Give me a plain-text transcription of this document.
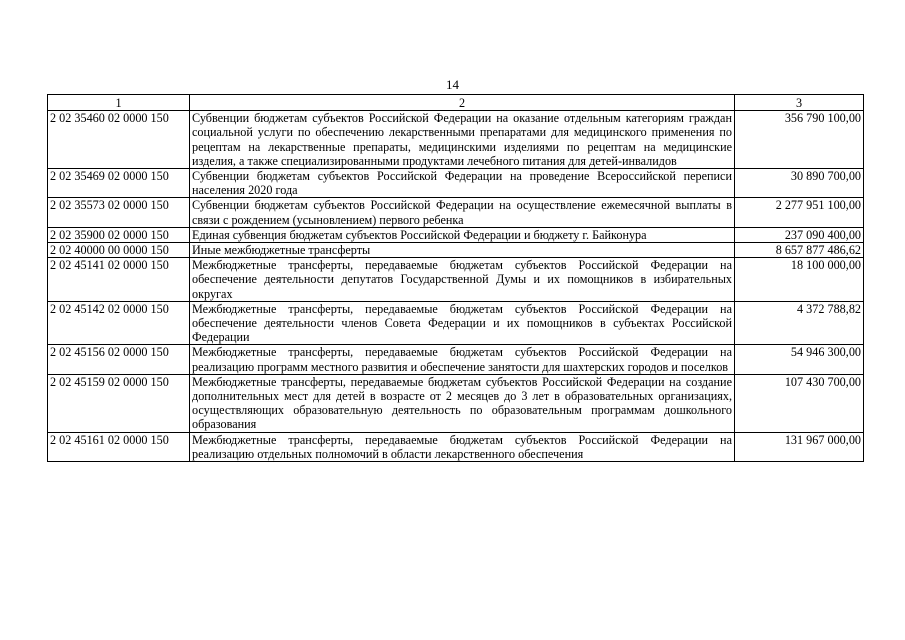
14
1	2	3
2 02 35460 02 0000 150	Субвенции бюджетам субъектов Российской Федерации на оказание отдельным категориям граждан социальной услуги по обеспечению лекарственными препаратами для медицинского применения по рецептам на лекарственные препараты, медицинскими изделиями по рецептам на медицинские изделия, а также специализированными продуктами лечебного питания для детей-инвалидов	356 790 100,00
2 02 35469 02 0000 150	Субвенции бюджетам субъектов Российской Федерации на проведение Всероссийской переписи населения 2020 года	30 890 700,00
2 02 35573 02 0000 150	Субвенции бюджетам субъектов Российской Федерации на осуществление ежемесячной выплаты в связи с рождением (усыновлением) первого ребенка	2 277 951 100,00
2 02 35900 02 0000 150	Единая субвенция бюджетам субъектов Российской Федерации и бюджету г. Байконура	237 090 400,00
2 02 40000 00 0000 150	Иные межбюджетные трансферты	8 657 877 486,62
2 02 45141 02 0000 150	Межбюджетные трансферты, передаваемые бюджетам субъектов Российской Федерации на обеспечение деятельности депутатов Государственной Думы и их помощников в избирательных округах	18 100 000,00
2 02 45142 02 0000 150	Межбюджетные трансферты, передаваемые бюджетам субъектов Российской Федерации на обеспечение деятельности членов Совета Федерации и их помощников в субъектах Российской Федерации	4 372 788,82
2 02 45156 02 0000 150	Межбюджетные трансферты, передаваемые бюджетам субъектов Российской Федерации на реализацию программ местного развития и обеспечение занятости для шахтерских городов и поселков	54 946 300,00
2 02 45159 02 0000 150	Межбюджетные трансферты, передаваемые бюджетам субъектов Российской Федерации на создание дополнительных мест для детей в возрасте от 2 месяцев до 3 лет в образовательных организациях, осуществляющих образовательную деятельность по образовательным программам дошкольного образования	107 430 700,00
2 02 45161 02 0000 150	Межбюджетные трансферты, передаваемые бюджетам субъектов Российской Федерации на реализацию отдельных полномочий в области лекарственного обеспечения	131 967 000,00
